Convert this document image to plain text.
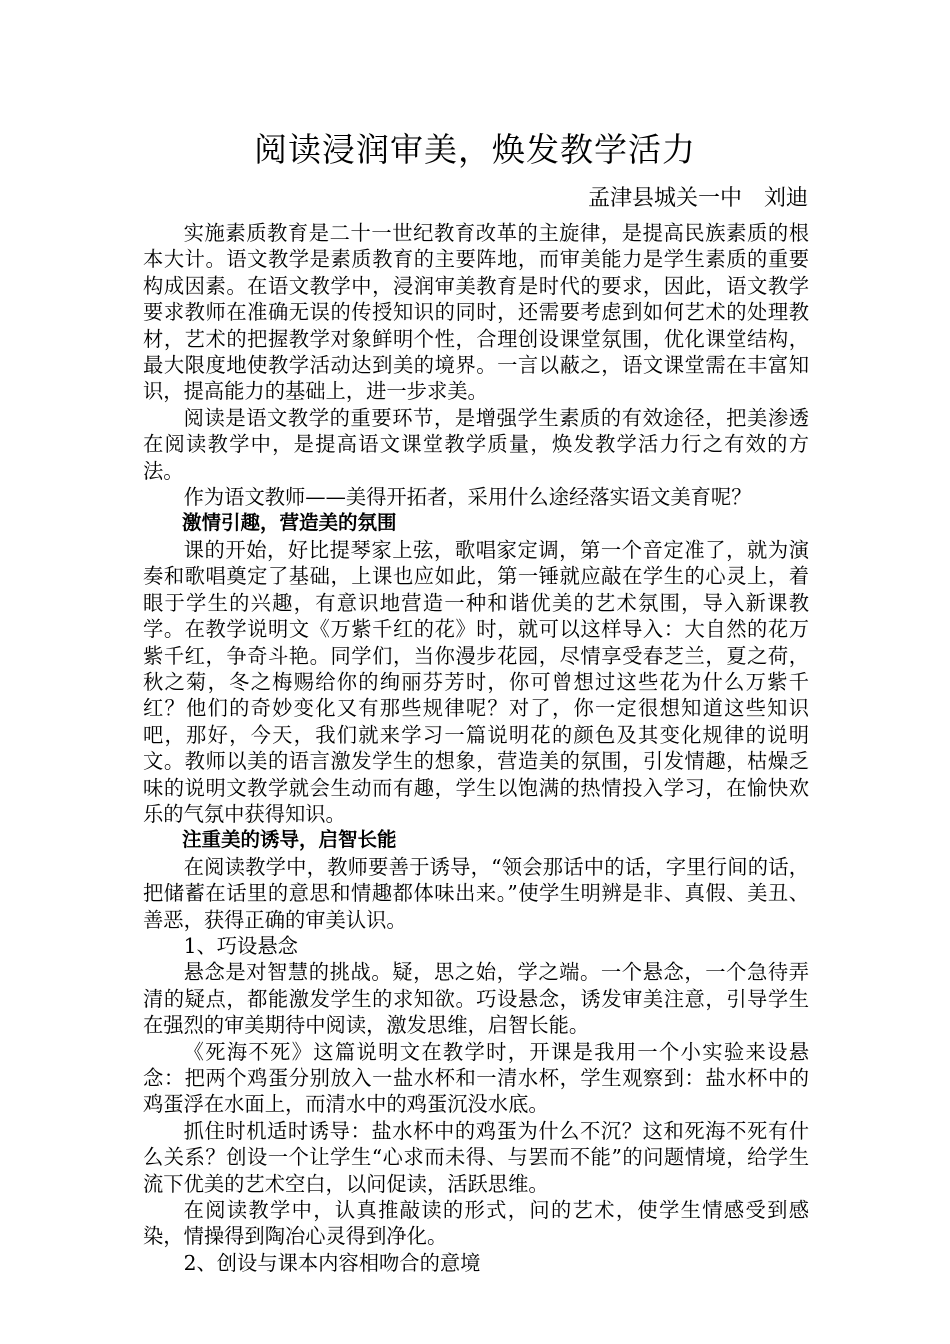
阅读浸润审美，焕发教学活力
孟津县城关一中　刘迪

实施素质教育是二十一世纪教育改革的主旋律，是提高民族素质的根本大计。语文教学是素质教育的主要阵地，而审美能力是学生素质的重要构成因素。在语文教学中，浸润审美教育是时代的要求，因此，语文教学要求教师在准确无误的传授知识的同时，还需要考虑到如何艺术的处理教材，艺术的把握教学对象鲜明个性，合理创设课堂氛围，优化课堂结构，最大限度地使教学活动达到美的境界。一言以蔽之，语文课堂需在丰富知识，提高能力的基础上，进一步求美。

阅读是语文教学的重要环节，是增强学生素质的有效途径，把美渗透在阅读教学中，是提高语文课堂教学质量，焕发教学活力行之有效的方法。

作为语文教师——美得开拓者，采用什么途经落实语文美育呢？

激情引趣，营造美的氛围

课的开始，好比提琴家上弦，歌唱家定调，第一个音定准了，就为演奏和歌唱奠定了基础，上课也应如此，第一锤就应敲在学生的心灵上，着眼于学生的兴趣，有意识地营造一种和谐优美的艺术氛围，导入新课教学。在教学说明文《万紫千红的花》时，就可以这样导入：大自然的花万紫千红，争奇斗艳。同学们，当你漫步花园，尽情享受春芝兰，夏之荷，秋之菊，冬之梅赐给你的绚丽芬芳时，你可曾想过这些花为什么万紫千红？他们的奇妙变化又有那些规律呢？对了，你一定很想知道这些知识吧，那好，今天，我们就来学习一篇说明花的颜色及其变化规律的说明文。教师以美的语言激发学生的想象，营造美的氛围，引发情趣，枯燥乏味的说明文教学就会生动而有趣，学生以饱满的热情投入学习，在愉快欢乐的气氛中获得知识。

注重美的诱导，启智长能

在阅读教学中，教师要善于诱导，“领会那话中的话，字里行间的话，把储蓄在话里的意思和情趣都体味出来。”使学生明辨是非、真假、美丑、善恶，获得正确的审美认识。

1、巧设悬念

悬念是对智慧的挑战。疑，思之始，学之端。一个悬念，一个急待弄清的疑点，都能激发学生的求知欲。巧设悬念，诱发审美注意，引导学生在强烈的审美期待中阅读，激发思维，启智长能。

《死海不死》这篇说明文在教学时，开课是我用一个小实验来设悬念：把两个鸡蛋分别放入一盐水杯和一清水杯，学生观察到：盐水杯中的鸡蛋浮在水面上，而清水中的鸡蛋沉没水底。

抓住时机适时诱导：盐水杯中的鸡蛋为什么不沉？这和死海不死有什么关系？创设一个让学生“心求而未得、与罢而不能”的问题情境，给学生流下优美的艺术空白，以问促读，活跃思维。

在阅读教学中，认真推敲读的形式，问的艺术，使学生情感受到感染，情操得到陶冶心灵得到净化。

2、创设与课本内容相吻合的意境
